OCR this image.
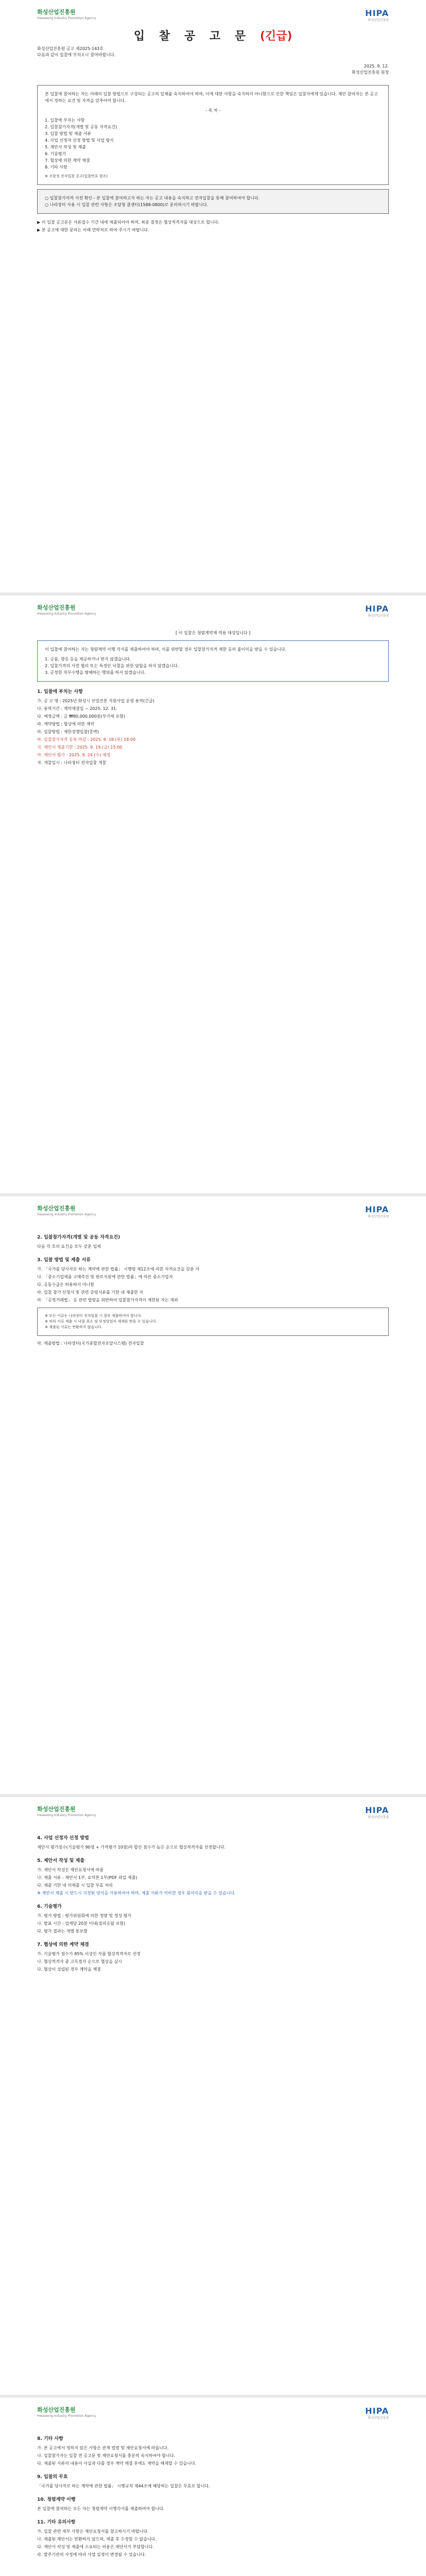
화성산업진흥원
Hwaseong Industry Promotion Agency
HIPA
화성산업진흥원
입 찰 공 고 문 (긴급)
화성산업진흥원 공고 제2025-143호
다음과 같이 입찰에 부치오니 참여바랍니다.
2025. 9. 12.
화성산업진흥원 원장
본 입찰에 참여하는 자는 아래의 입찰 방법으로 구성되는 공고의 일체를 숙지하여야 하며, 이에 대한 사항을 숙지하지 아니함으로 인한 책임은 입찰자에게 있습니다. 제안 참여자는 본 공고에서 정하는 요건 및 자격을 갖추어야 합니다.
- 목 차 -
1. 입찰에 부치는 사항
2. 입찰참가자격(개별 및 공동 자격요건)
3. 입찰 방법 및 제출 서류
4. 사업 선정자 선정 방법 및 사업 방식
5. 제안서 작성 및 제출
6. 기술평가
7. 협상에 의한 계약 체결
8. 기타 사항
※ 조달청 전자입찰 공고(입찰번호 참조)
○ 입찰참가자격 사전 확인 - 본 입찰에 참여하고자 하는 자는 공고 내용을 숙지하고 전자입찰을 통해 참여하여야 합니다.
○ 나라장터 사용 시 입찰 관련 사항은 조달청 콜센터(1588-0800)로 문의하시기 바랍니다.
▶ 이 입찰 공고문은 서류접수 기간 내에 제출되어야 하며, 최종 결정은 협상적격자를 대상으로 합니다.
▶ 본 공고에 대한 문의는 아래 연락처로 하여 주시기 바랍니다.
화성산업진흥원
Hwaseong Industry Promotion Agency
HIPA
화성산업진흥원
[ 이 입찰은 청렴계약제 적용 대상입니다 ]
이 입찰에 참여하는 자는 청렴계약 이행 각서를 제출하여야 하며, 이를 위반할 경우 입찰참가자격 제한 등의 불이익을 받을 수 있습니다.
1. 금품, 향응 등을 제공하거나 받지 않겠습니다.
2. 입찰가격의 사전 협의 또는 특정인 낙찰을 위한 담합을 하지 않겠습니다.
3. 공정한 직무수행을 방해하는 행위를 하지 않겠습니다.
1. 입찰에 부치는 사항
가. 공 고 명 : 2025년 화성시 산업진흥 지원사업 운영 용역(긴급)
나. 용역기간 : 계약체결일 ~ 2025. 12. 31.
다. 예정금액 : 금 ₩80,000,000원(부가세 포함)
라. 계약방법 : 협상에 의한 계약
마. 입찰방법 : 제한경쟁입찰(총액)
바. 입찰참가자격 등록 마감 : 2025. 9. 18.(목) 18:00
사. 제안서 제출기한 : 2025. 9. 19.(금) 15:00
아. 제안서 평가 : 2025. 9. 24.(수) 예정
자. 개찰일시 : 나라장터 전자입찰 개찰
화성산업진흥원
Hwaseong Industry Promotion Agency
HIPA
화성산업진흥원
2. 입찰참가자격(개별 및 공동 자격요건)
다음 각 호의 요건을 모두 갖춘 업체
3. 입찰 방법 및 제출 서류
가. 「국가를 당사자로 하는 계약에 관한 법률」 시행령 제12조에 의한 자격요건을 갖춘 자
나. 「중소기업제품 구매촉진 및 판로지원에 관한 법률」에 따른 중소기업자
다. 공동수급은 허용하지 아니함
라. 입찰 참가 신청서 및 관련 증빙서류를 기한 내 제출한 자
마. 「공정거래법」 등 관련 법령을 위반하여 입찰참가자격이 제한된 자는 제외
※ 모든 서류는 나라장터 전자입찰 시 첨부 제출하여야 합니다.
※ 허위 서류 제출 시 낙찰 취소 및 부정당업자 제재를 받을 수 있습니다.
※ 제출된 서류는 반환하지 않습니다.
마. 제출방법 : 나라장터(국가종합전자조달시스템) 전자입찰
화성산업진흥원
Hwaseong Industry Promotion Agency
HIPA
화성산업진흥원
4. 사업 선정자 선정 방법
제안서 평가점수(기술평가 90점 + 가격평가 10점)의 합산 점수가 높은 순으로 협상적격자를 선정합니다.
5. 제안서 작성 및 제출
가. 제안서 작성은 제안요청서에 따름
나. 제출 서류 : 제안서 1부, 요약본 1부(PDF 파일 제출)
다. 제출 기한 내 미제출 시 입찰 무효 처리
※ 제안서 제출 시 반드시 지정된 양식을 사용하여야 하며, 제출 서류가 미비한 경우 불이익을 받을 수 있습니다.
6. 기술평가
가. 평가 방법 : 평가위원회에 의한 정량 및 정성 평가
나. 발표 시간 : 업체당 20분 이내(질의응답 포함)
다. 평가 결과는 개별 통보함
7. 협상에 의한 계약 체결
가. 기술평가 점수가 85% 이상인 자를 협상적격자로 선정
나. 협상적격자 중 고득점자 순으로 협상을 실시
다. 협상이 성립된 경우 계약을 체결
화성산업진흥원
Hwaseong Industry Promotion Agency
HIPA
화성산업진흥원
8. 기타 사항
가. 본 공고에서 정하지 않은 사항은 관계 법령 및 제안요청서에 따릅니다.
나. 입찰참가자는 입찰 전 공고문 및 제안요청서를 충분히 숙지하여야 합니다.
다. 제출된 서류의 내용이 사실과 다를 경우 계약 체결 후에도 계약을 해제할 수 있습니다.
9. 입찰의 무효
「국가를 당사자로 하는 계약에 관한 법률」 시행규칙 제44조에 해당하는 입찰은 무효로 합니다.
10. 청렴계약 이행
본 입찰에 참여하는 모든 자는 청렴계약 이행각서를 제출하여야 합니다.
11. 기타 유의사항
가. 입찰 관련 세부 사항은 제안요청서를 참고하시기 바랍니다.
나. 제출된 제안서는 반환하지 않으며, 제출 후 수정할 수 없습니다.
다. 제안서 작성 및 제출에 소요되는 비용은 제안사가 부담합니다.
라. 발주기관의 사정에 따라 사업 일정이 변경될 수 있습니다.
